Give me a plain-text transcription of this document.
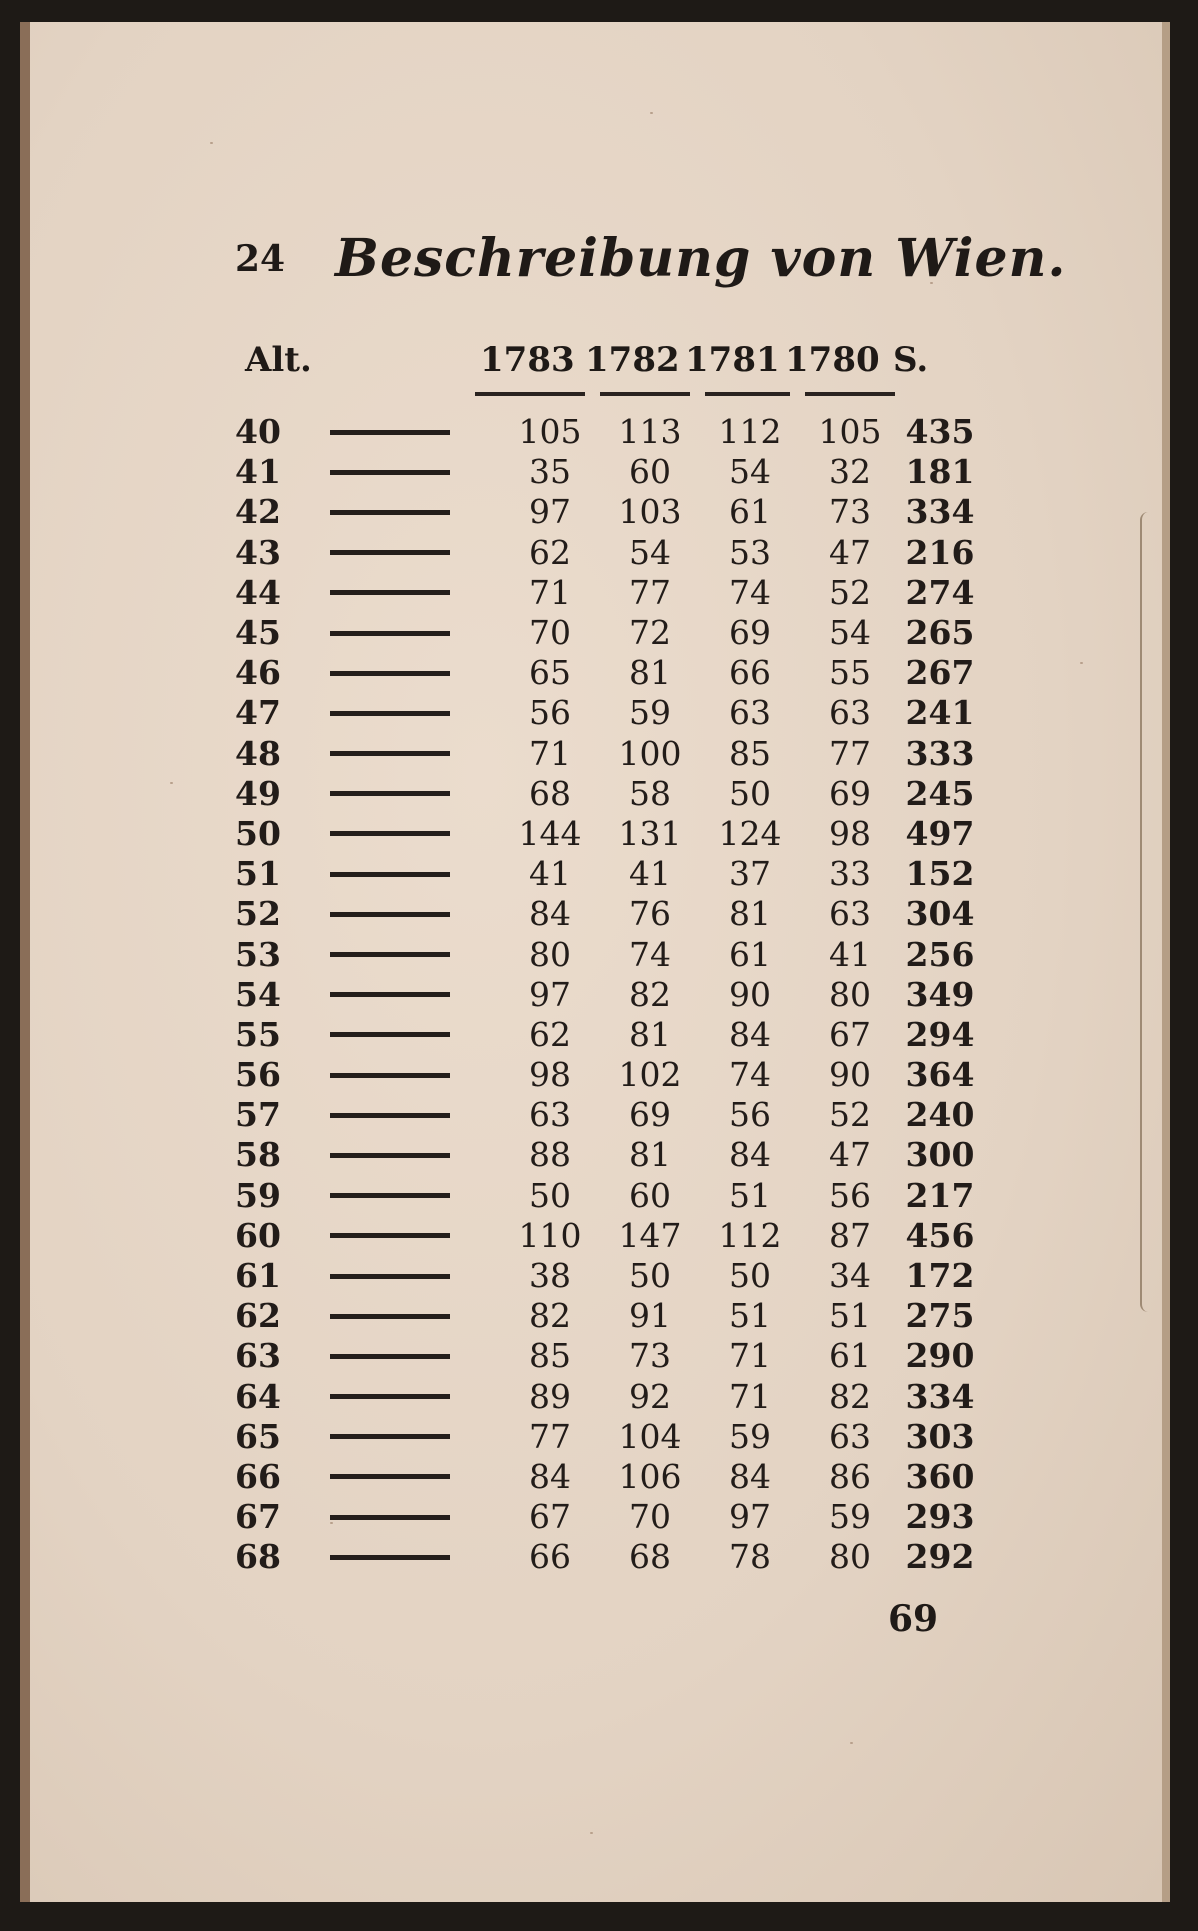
24 Beschreibung von Wien.
Alt.	1783 1782 1781 1780 S.
40		105	113	112	105	435
41		35	60	54	32	181
42		97	103	61	73	334
43		62	54	53	47	216
44		71	77	74	52	274
45		70	72	69	54	265
46		65	81	66	55	267
47		56	59	63	63	241
48		71	100	85	77	333
49		68	58	50	69	245
50		144	131	124	98	497
51		41	41	37	33	152
52		84	76	81	63	304
53		80	74	61	41	256
54		97	82	90	80	349
55		62	81	84	67	294
56		98	102	74	90	364
57		63	69	56	52	240
58		88	81	84	47	300
59		50	60	51	56	217
60		110	147	112	87	456
61		38	50	50	34	172
62		82	91	51	51	275
63		85	73	71	61	290
64		89	92	71	82	334
65		77	104	59	63	303
66		84	106	84	86	360
67		67	70	97	59	293
68		66	68	78	80	292
69
